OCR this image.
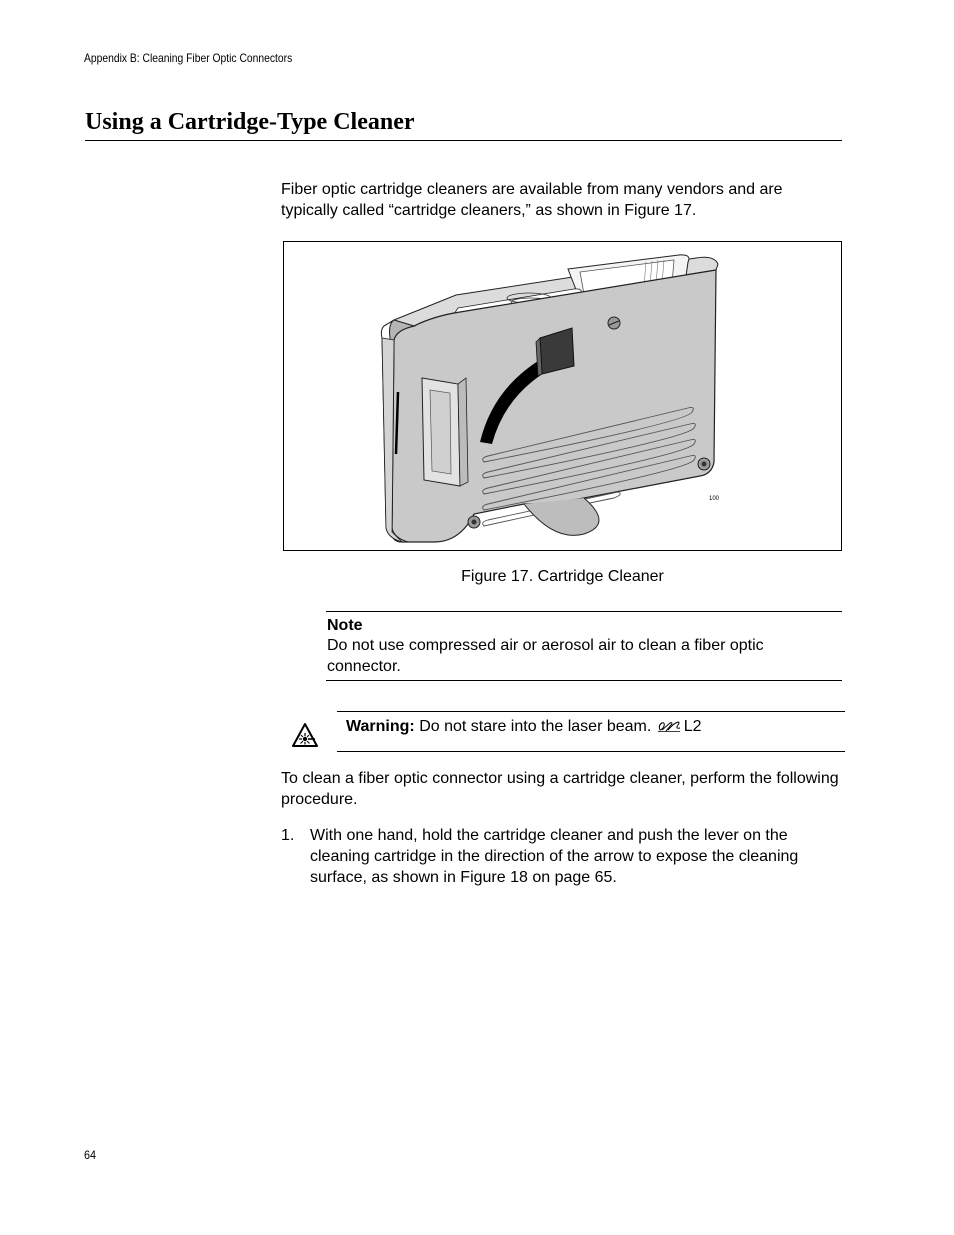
Appendix B: Cleaning Fiber Optic Connectors
Using a Cartridge-Type Cleaner

Fiber optic cartridge cleaners are available from many vendors and are typically called “cartridge cleaners,” as shown in Figure 17.

100
Figure 17. Cartridge Cleaner
Note
Do not use compressed air or aerosol air to clean a fiber optic connector.
Warning: Do not stare into the laser beam. L2

To clean a fiber optic connector using a cartridge cleaner, perform the following procedure.

1. With one hand, hold the cartridge cleaner and push the lever on the cleaning cartridge in the direction of the arrow to expose the cleaning surface, as shown in Figure 18 on page 65.
64
